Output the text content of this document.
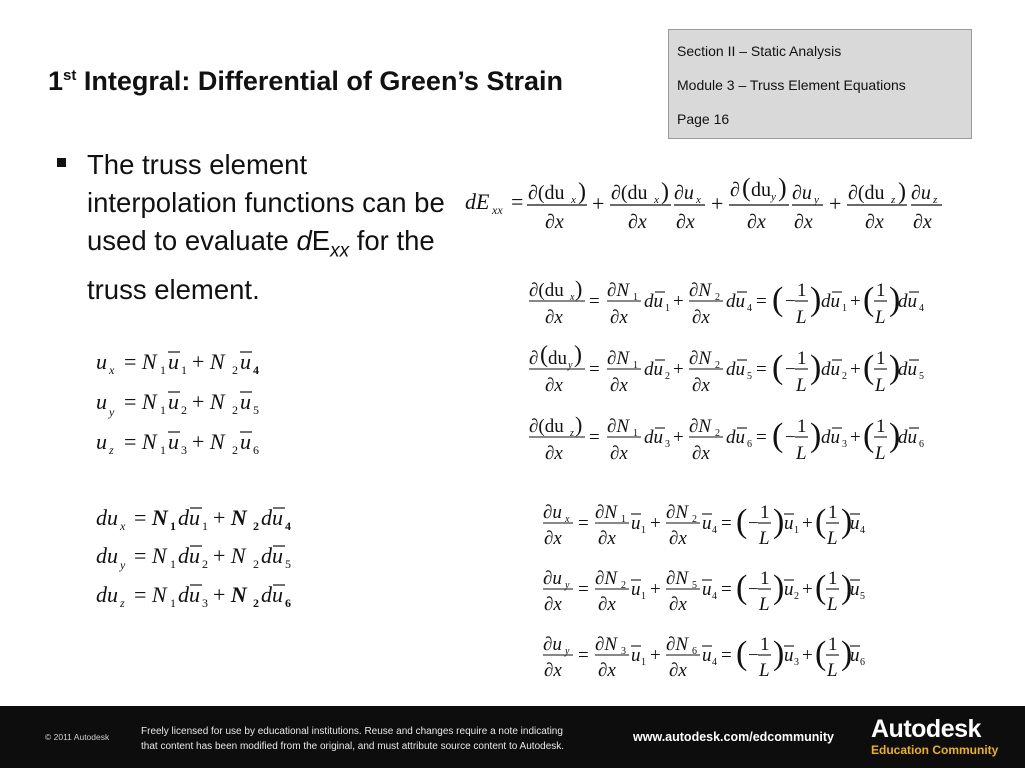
1st Integral: Differential of Green’s Strain
Section II – Static Analysis
Module 3 – Truss Element Equations
Page 16
The truss element interpolation functions can be used to evaluate $dE_{xx}$ for the truss element.
dE xx = ∂(du x )
∂x
+ ∂(du x )
∂x
∂u x
∂x
+
∂ ( du y )
∂x
∂u y
∂x
+ ∂(du z )
∂x
∂u z
∂x
u x = N 1 u 1 + N 2 u 4
u y = N 1 u 2 + N 2 u 5
u z = N 1 u 3 + N 2 u 6
du x = N 1 du 1 + N 2 du 4
du y = N 1 du 2 + N 2 du 5
du z = N 1 du 3 + N 2 du 6
∂(du x )
∂x
=
∂N 1
∂x
du 1 +
∂N 2
∂x
du 4 = ( −
1
L ) du 1 + ( 1
L )
du 4
∂ ( du y )
∂x
=
∂N 1
∂x
du 2 +
∂N 2
∂x
du 5 = ( −
1
L ) du 2 + ( 1
L )
du 5
∂(du z )
∂x
=
∂N 1
∂x
du 3 +
∂N 2
∂x
du 6 = ( −
1
L ) du 3 + ( 1
L )
du 6
∂u x
∂x
=
∂N 1
∂x
u 1 +
∂N 2
∂x
u 4 = ( −
1
L ) u 1 + ( 1
L )
u 4
∂u y
∂x
=
∂N 2
∂x
u 1 +
∂N 5
∂x
u 4 = ( −
1
L ) u 2 + ( 1
L )
u 5
∂u y
∂x
=
∂N 3
∂x
u 1 +
∂N 6
∂x
u 4 = ( −
1
L ) u 3 + ( 1
L )
u 6
© 2011 Autodesk	Freely licensed for use by educational institutions. Reuse and changes require a note indicating
that content has been modified from the original, and must attribute source content to Autodesk.
www.autodesk.com/edcommunity Autodesk
Education Community
